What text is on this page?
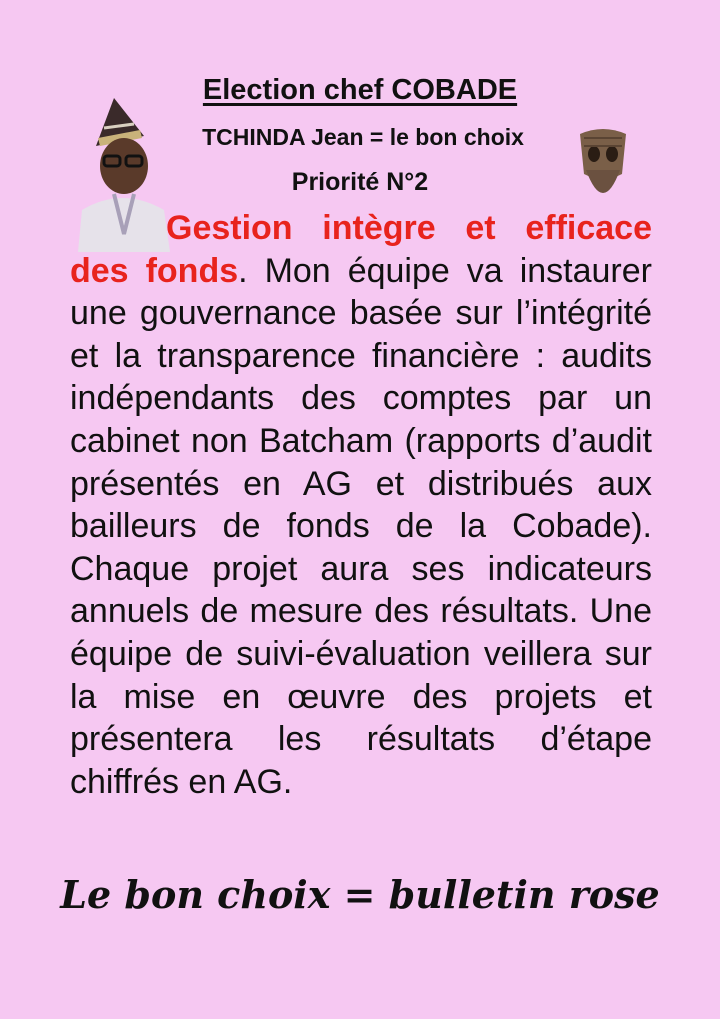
Election chef COBADE
TCHINDA Jean = le bon choix
Priorité N°2

Gestion intègre et efficace des fonds. Mon équipe va instaurer une gouvernance basée sur l’intégrité et la transparence financière : audits indépendants des comptes par un cabinet non Batcham (rapports d’audit présentés en AG et distribués aux bailleurs de fonds de la Cobade). Chaque projet aura ses indicateurs annuels de mesure des résultats. Une équipe de suivi-évaluation veillera sur la mise en œuvre des projets et présentera les résultats d’étape chiffrés en AG.

Le bon choix = bulletin rose
